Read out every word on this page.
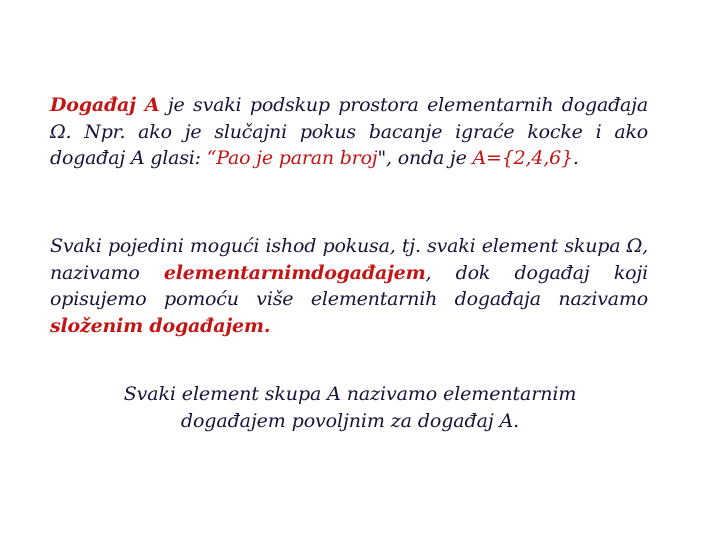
Događaj A je svaki podskup prostora elementarnih događaja Ω. Npr. ako je slučajni pokus bacanje igraće kocke i ako događaj A glasi: “Pao je paran broj", onda je A={2,4,6}.

Svaki pojedini mogući ishod pokusa, tj. svaki element skupa Ω, nazivamo elementarnimdogađajem, dok događaj koji opisujemo pomoću više elementarnih događaja nazivamo složenim događajem.

Svaki element skupa A nazivamo elementarnim
događajem povoljnim za događaj A.
